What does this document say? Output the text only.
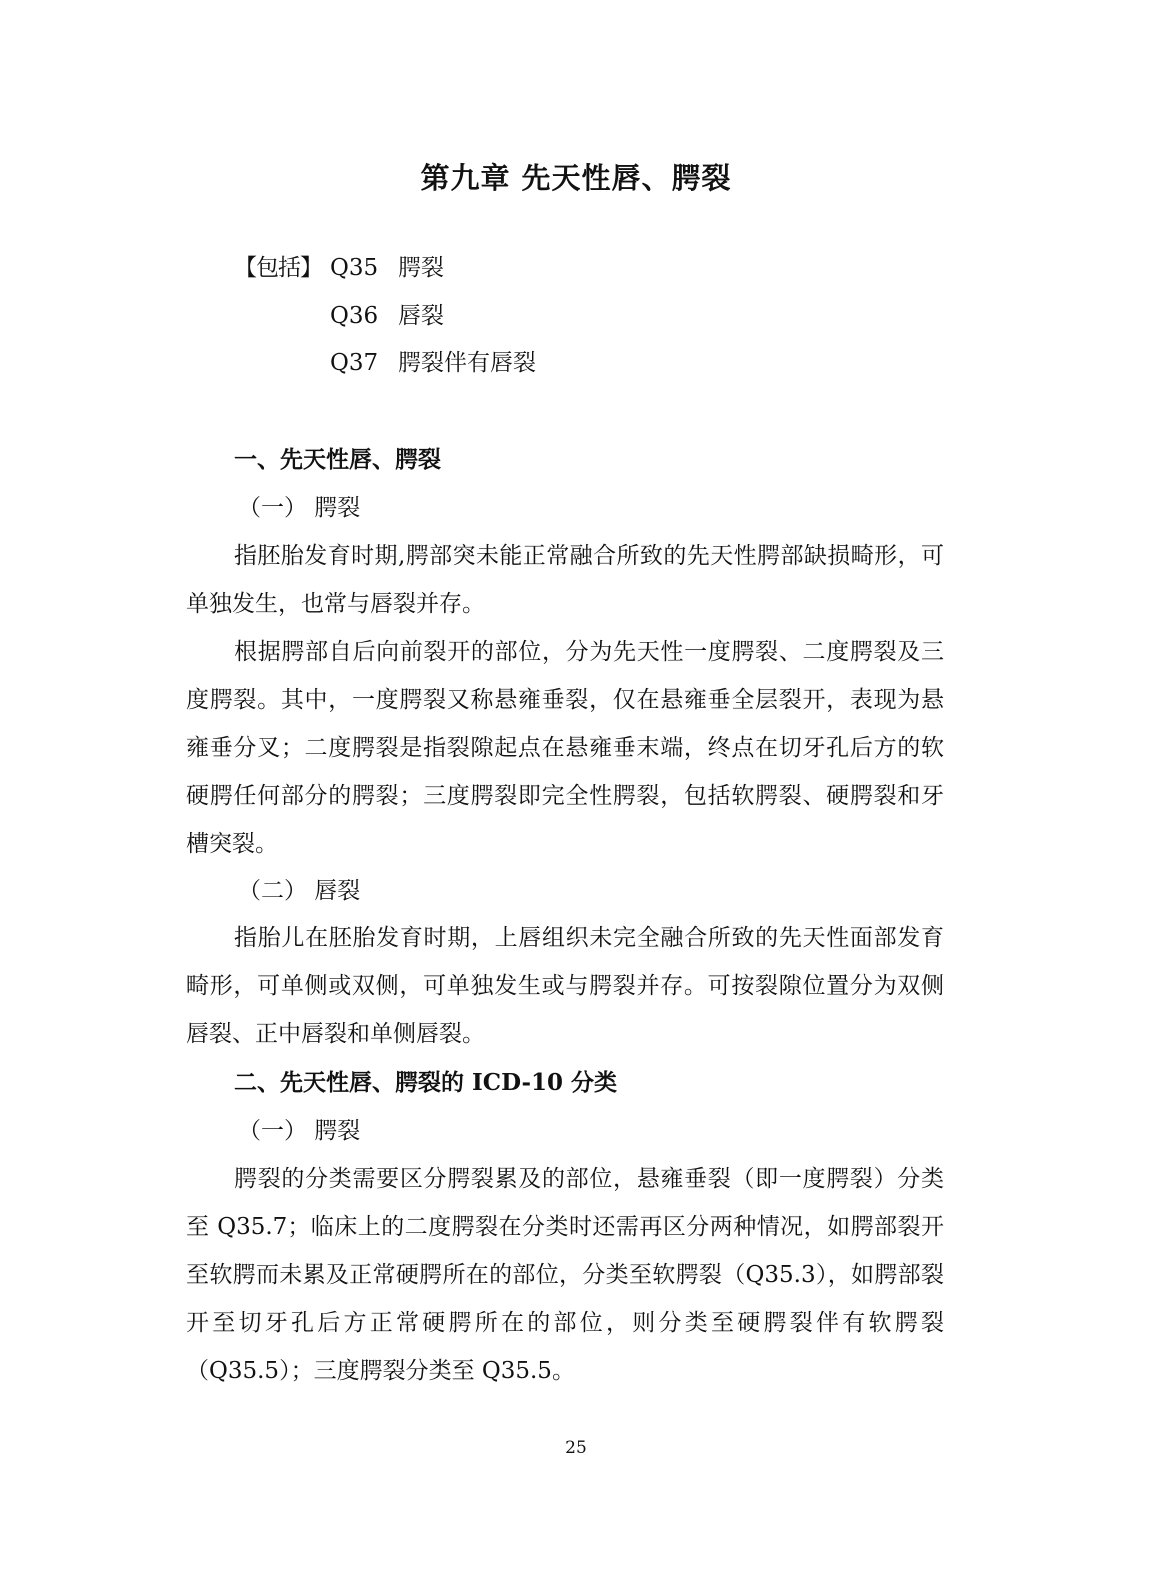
第九章 先天性唇、腭裂
【包括】 Q35 腭裂
Q36 唇裂
Q37 腭裂伴有唇裂
一、先天性唇、腭裂
（一） 腭裂

指胚胎发育时期,腭部突未能正常融合所致的先天性腭部缺损畸形，可单独发生，也常与唇裂并存。

根据腭部自后向前裂开的部位，分为先天性一度腭裂、二度腭裂及三度腭裂。其中，一度腭裂又称悬雍垂裂，仅在悬雍垂全层裂开，表现为悬雍垂分叉；二度腭裂是指裂隙起点在悬雍垂末端，终点在切牙孔后方的软硬腭任何部分的腭裂；三度腭裂即完全性腭裂，包括软腭裂、硬腭裂和牙槽突裂。

（二） 唇裂

指胎儿在胚胎发育时期，上唇组织未完全融合所致的先天性面部发育畸形，可单侧或双侧，可单独发生或与腭裂并存。可按裂隙位置分为双侧唇裂、正中唇裂和单侧唇裂。

二、先天性唇、腭裂的 ICD-10 分类
（一） 腭裂

腭裂的分类需要区分腭裂累及的部位，悬雍垂裂（即一度腭裂）分类至 Q35.7；临床上的二度腭裂在分类时还需再区分两种情况，如腭部裂开至软腭而未累及正常硬腭所在的部位，分类至软腭裂（Q35.3），如腭部裂开至切牙孔后方正常硬腭所在的部位，则分类至硬腭裂伴有软腭裂（Q35.5）；三度腭裂分类至 Q35.5。

25
